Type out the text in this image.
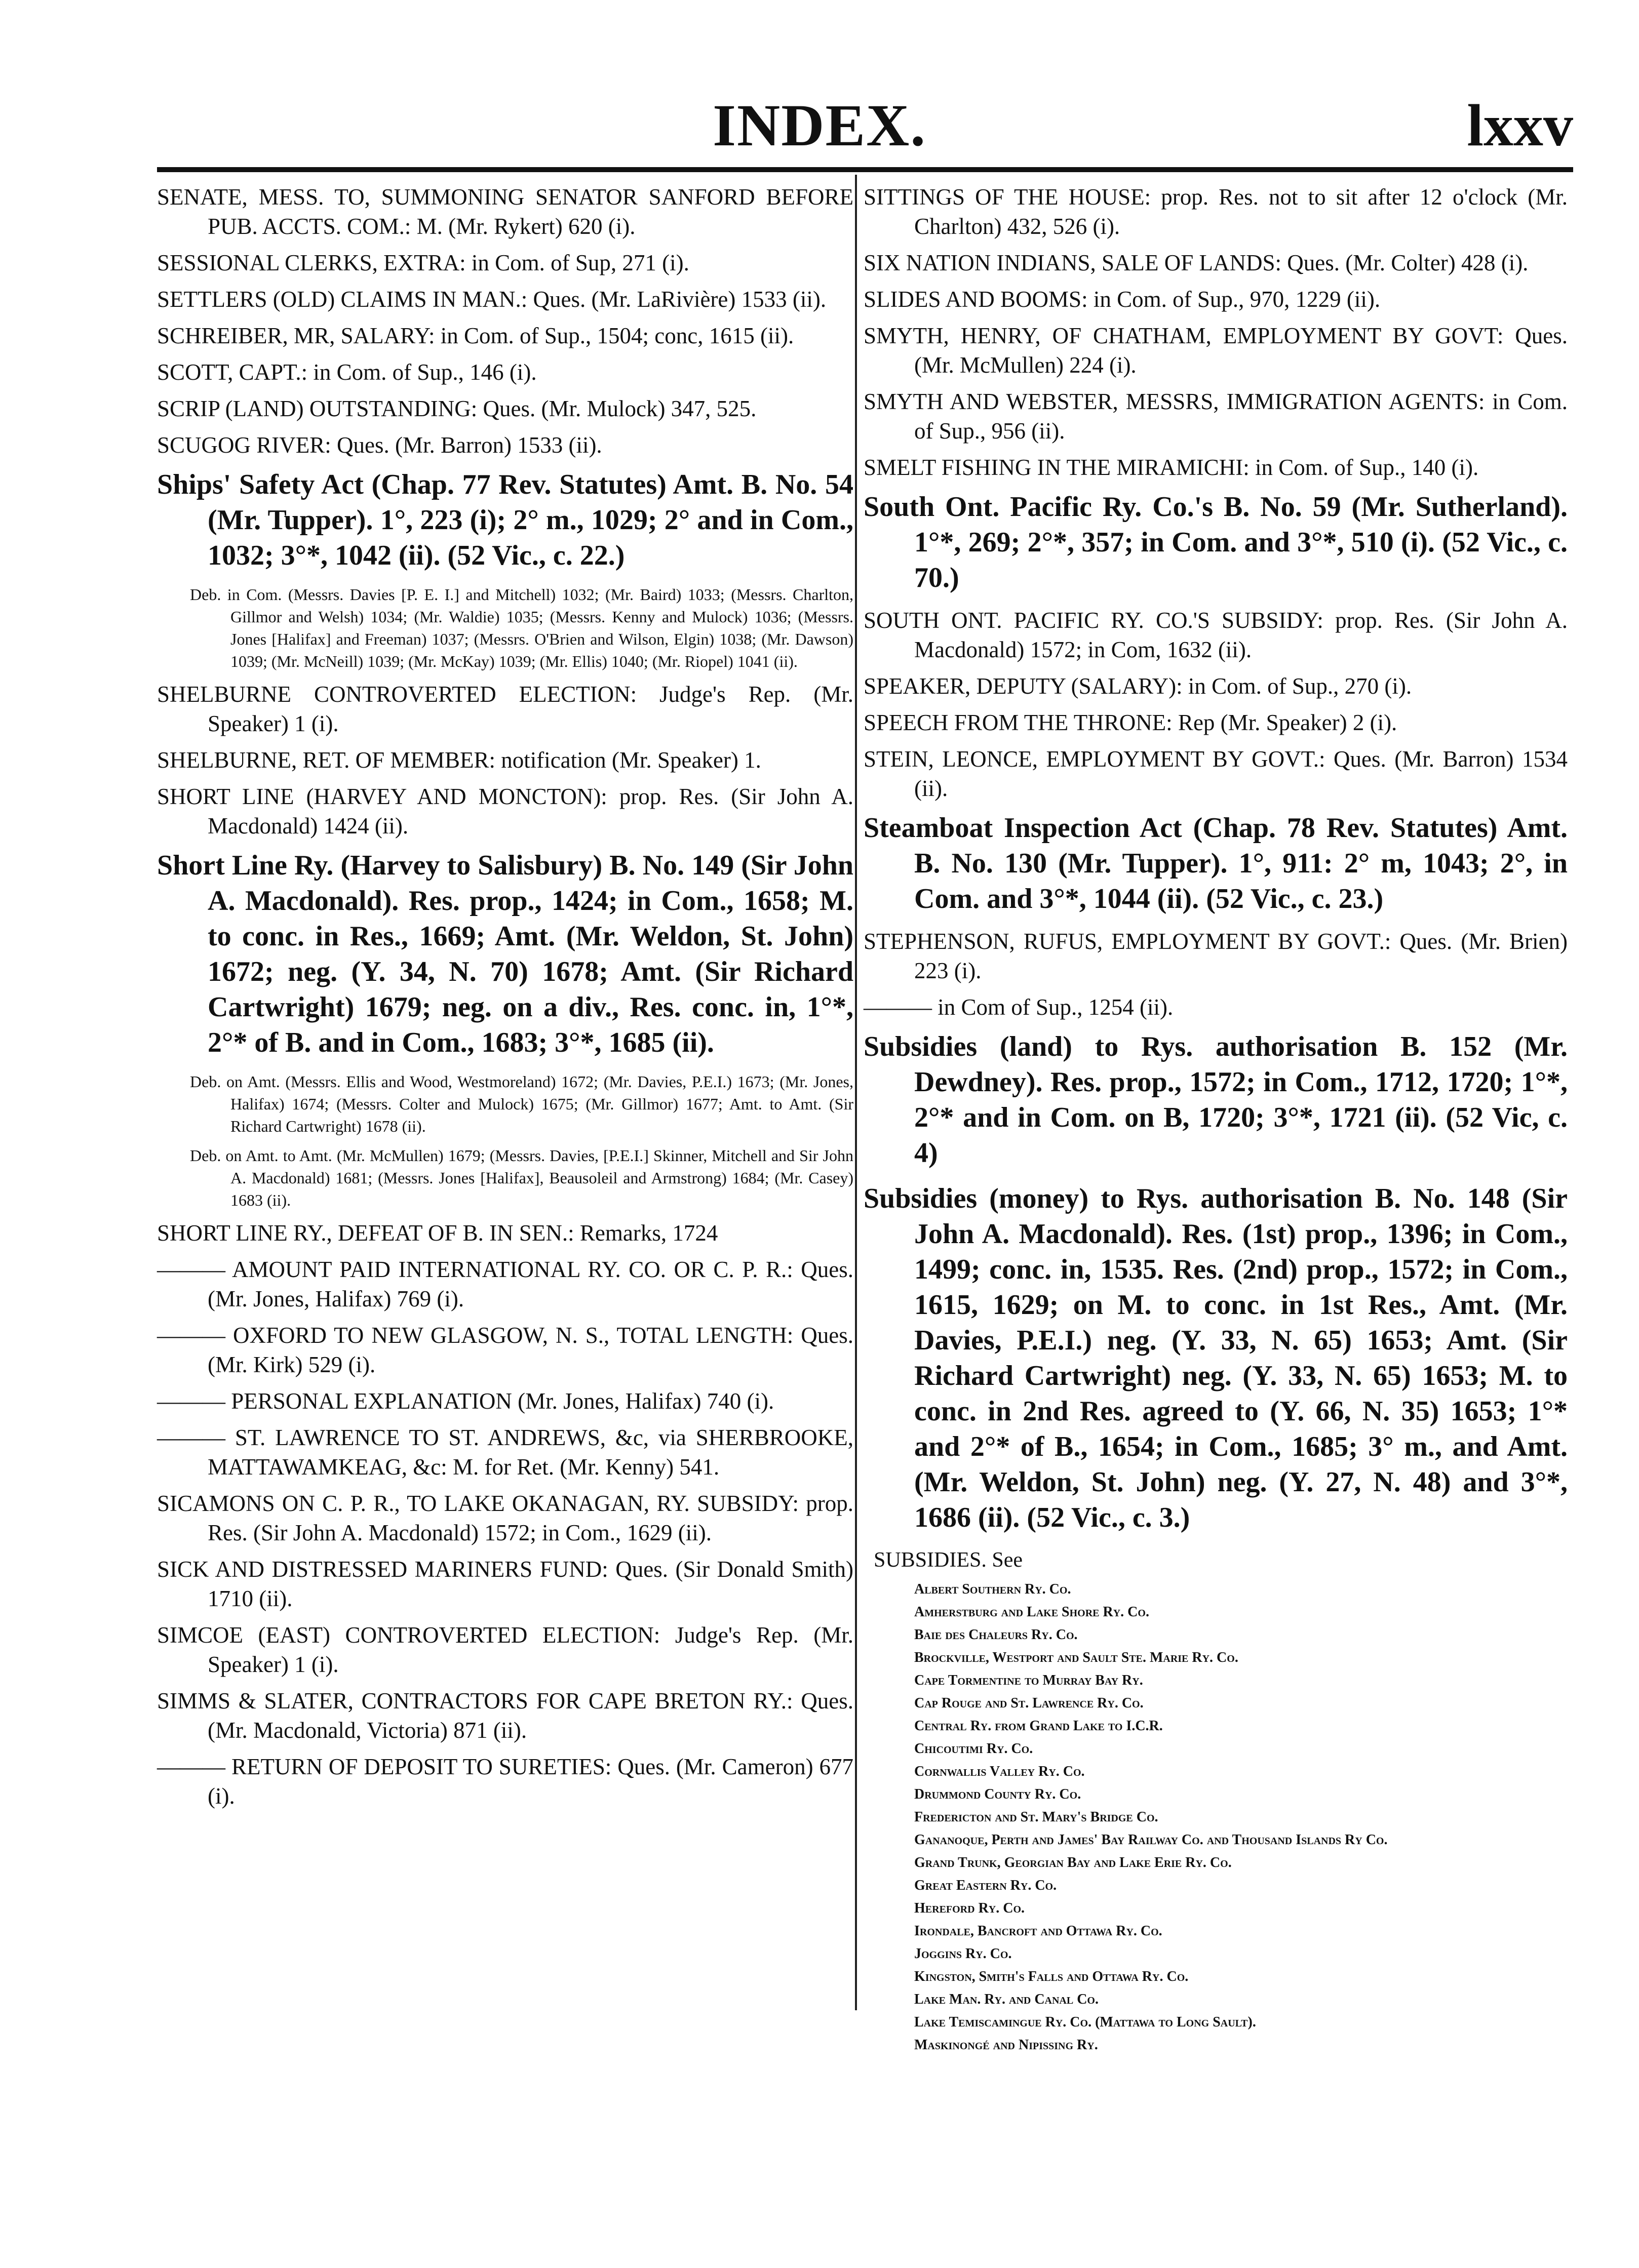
INDEX.	lxxv
SENATE, MESS. TO, SUMMONING SENATOR SANFORD BEFORE PUB. ACCTS. COM.: M. (Mr. Rykert) 620 (i).
SESSIONAL CLERKS, EXTRA: in Com. of Sup, 271 (i).
SETTLERS (OLD) CLAIMS IN MAN.: Ques. (Mr. LaRivière) 1533 (ii).
SCHREIBER, MR, SALARY: in Com. of Sup., 1504; conc, 1615 (ii).
SCOTT, CAPT.: in Com. of Sup., 146 (i).
SCRIP (LAND) OUTSTANDING: Ques. (Mr. Mulock) 347, 525.
SCUGOG RIVER: Ques. (Mr. Barron) 1533 (ii).
Ships' Safety Act (Chap. 77 Rev. Statutes) Amt. B. No. 54 (Mr. Tupper). 1°, 223 (i); 2° m., 1029; 2° and in Com., 1032; 3°*, 1042 (ii). (52 Vic., c. 22.)
Deb. in Com. (Messrs. Davies [P. E. I.] and Mitchell) 1032; (Mr. Baird) 1033; (Messrs. Charlton, Gillmor and Welsh) 1034; (Mr. Waldie) 1035; (Messrs. Kenny and Mulock) 1036; (Messrs. Jones [Halifax] and Freeman) 1037; (Messrs. O'Brien and Wilson, Elgin) 1038; (Mr. Dawson) 1039; (Mr. McNeill) 1039; (Mr. McKay) 1039; (Mr. Ellis) 1040; (Mr. Riopel) 1041 (ii).
SHELBURNE CONTROVERTED ELECTION: Judge's Rep. (Mr. Speaker) 1 (i).
SHELBURNE, RET. OF MEMBER: notification (Mr. Speaker) 1.
SHORT LINE (HARVEY AND MONCTON): prop. Res. (Sir John A. Macdonald) 1424 (ii).
Short Line Ry. (Harvey to Salisbury) B. No. 149 (Sir John A. Macdonald). Res. prop., 1424; in Com., 1658; M. to conc. in Res., 1669; Amt. (Mr. Weldon, St. John) 1672; neg. (Y. 34, N. 70) 1678; Amt. (Sir Richard Cartwright) 1679; neg. on a div., Res. conc. in, 1°*, 2°* of B. and in Com., 1683; 3°*, 1685 (ii).
Deb. on Amt. (Messrs. Ellis and Wood, Westmoreland) 1672; (Mr. Davies, P.E.I.) 1673; (Mr. Jones, Halifax) 1674; (Messrs. Colter and Mulock) 1675; (Mr. Gillmor) 1677; Amt. to Amt. (Sir Richard Cartwright) 1678 (ii).
Deb. on Amt. to Amt. (Mr. McMullen) 1679; (Messrs. Davies, [P.E.I.] Skinner, Mitchell and Sir John A. Macdonald) 1681; (Messrs. Jones [Halifax], Beausoleil and Armstrong) 1684; (Mr. Casey) 1683 (ii).
SHORT LINE RY., DEFEAT OF B. IN SEN.: Remarks, 1724
——— AMOUNT PAID INTERNATIONAL RY. CO. OR C. P. R.: Ques. (Mr. Jones, Halifax) 769 (i).
——— OXFORD TO NEW GLASGOW, N. S., TOTAL LENGTH: Ques. (Mr. Kirk) 529 (i).
——— PERSONAL EXPLANATION (Mr. Jones, Halifax) 740 (i).
——— ST. LAWRENCE TO ST. ANDREWS, &c, via SHERBROOKE, MATTAWAMKEAG, &c: M. for Ret. (Mr. Kenny) 541.
SICAMONS ON C. P. R., TO LAKE OKANAGAN, RY. SUBSIDY: prop. Res. (Sir John A. Macdonald) 1572; in Com., 1629 (ii).
SICK AND DISTRESSED MARINERS FUND: Ques. (Sir Donald Smith) 1710 (ii).
SIMCOE (EAST) CONTROVERTED ELECTION: Judge's Rep. (Mr. Speaker) 1 (i).
SIMMS & SLATER, CONTRACTORS FOR CAPE BRETON RY.: Ques. (Mr. Macdonald, Victoria) 871 (ii).
——— RETURN OF DEPOSIT TO SURETIES: Ques. (Mr. Cameron) 677 (i).
SITTINGS OF THE HOUSE: prop. Res. not to sit after 12 o'clock (Mr. Charlton) 432, 526 (i).
SIX NATION INDIANS, SALE OF LANDS: Ques. (Mr. Colter) 428 (i).
SLIDES AND BOOMS: in Com. of Sup., 970, 1229 (ii).
SMYTH, HENRY, OF CHATHAM, EMPLOYMENT BY GOVT: Ques. (Mr. McMullen) 224 (i).
SMYTH AND WEBSTER, MESSRS, IMMIGRATION AGENTS: in Com. of Sup., 956 (ii).
SMELT FISHING IN THE MIRAMICHI: in Com. of Sup., 140 (i).
South Ont. Pacific Ry. Co.'s B. No. 59 (Mr. Sutherland). 1°*, 269; 2°*, 357; in Com. and 3°*, 510 (i). (52 Vic., c. 70.)
SOUTH ONT. PACIFIC RY. CO.'S SUBSIDY: prop. Res. (Sir John A. Macdonald) 1572; in Com, 1632 (ii).
SPEAKER, DEPUTY (SALARY): in Com. of Sup., 270 (i).
SPEECH FROM THE THRONE: Rep (Mr. Speaker) 2 (i).
STEIN, LEONCE, EMPLOYMENT BY GOVT.: Ques. (Mr. Barron) 1534 (ii).
Steamboat Inspection Act (Chap. 78 Rev. Statutes) Amt. B. No. 130 (Mr. Tupper). 1°, 911: 2° m, 1043; 2°, in Com. and 3°*, 1044 (ii). (52 Vic., c. 23.)
STEPHENSON, RUFUS, EMPLOYMENT BY GOVT.: Ques. (Mr. Brien) 223 (i).
——— in Com of Sup., 1254 (ii).
Subsidies (land) to Rys. authorisation B. 152 (Mr. Dewdney). Res. prop., 1572; in Com., 1712, 1720; 1°*, 2°* and in Com. on B, 1720; 3°*, 1721 (ii). (52 Vic, c. 4)
Subsidies (money) to Rys. authorisation B. No. 148 (Sir John A. Macdonald). Res. (1st) prop., 1396; in Com., 1499; conc. in, 1535. Res. (2nd) prop., 1572; in Com., 1615, 1629; on M. to conc. in 1st Res., Amt. (Mr. Davies, P.E.I.) neg. (Y. 33, N. 65) 1653; Amt. (Sir Richard Cartwright) neg. (Y. 33, N. 65) 1653; M. to conc. in 2nd Res. agreed to (Y. 66, N. 35) 1653; 1°* and 2°* of B., 1654; in Com., 1685; 3° m., and Amt. (Mr. Weldon, St. John) neg. (Y. 27, N. 48) and 3°*, 1686 (ii). (52 Vic., c. 3.)
SUBSIDIES. See
Albert Southern Ry. Co.
Amherstburg and Lake Shore Ry. Co.
Baie des Chaleurs Ry. Co.
Brockville, Westport and Sault Ste. Marie Ry. Co.
Cape Tormentine to Murray Bay Ry.
Cap Rouge and St. Lawrence Ry. Co.
Central Ry. from Grand Lake to I.C.R.
Chicoutimi Ry. Co.
Cornwallis Valley Ry. Co.
Drummond County Ry. Co.
Fredericton and St. Mary's Bridge Co.
Gananoque, Perth and James' Bay Railway Co. and Thousand Islands Ry Co.
Grand Trunk, Georgian Bay and Lake Erie Ry. Co.
Great Eastern Ry. Co.
Hereford Ry. Co.
Irondale, Bancroft and Ottawa Ry. Co.
Joggins Ry. Co.
Kingston, Smith's Falls and Ottawa Ry. Co.
Lake Man. Ry. and Canal Co.
Lake Temiscamingue Ry. Co. (Mattawa to Long Sault).
Maskinongé and Nipissing Ry.
